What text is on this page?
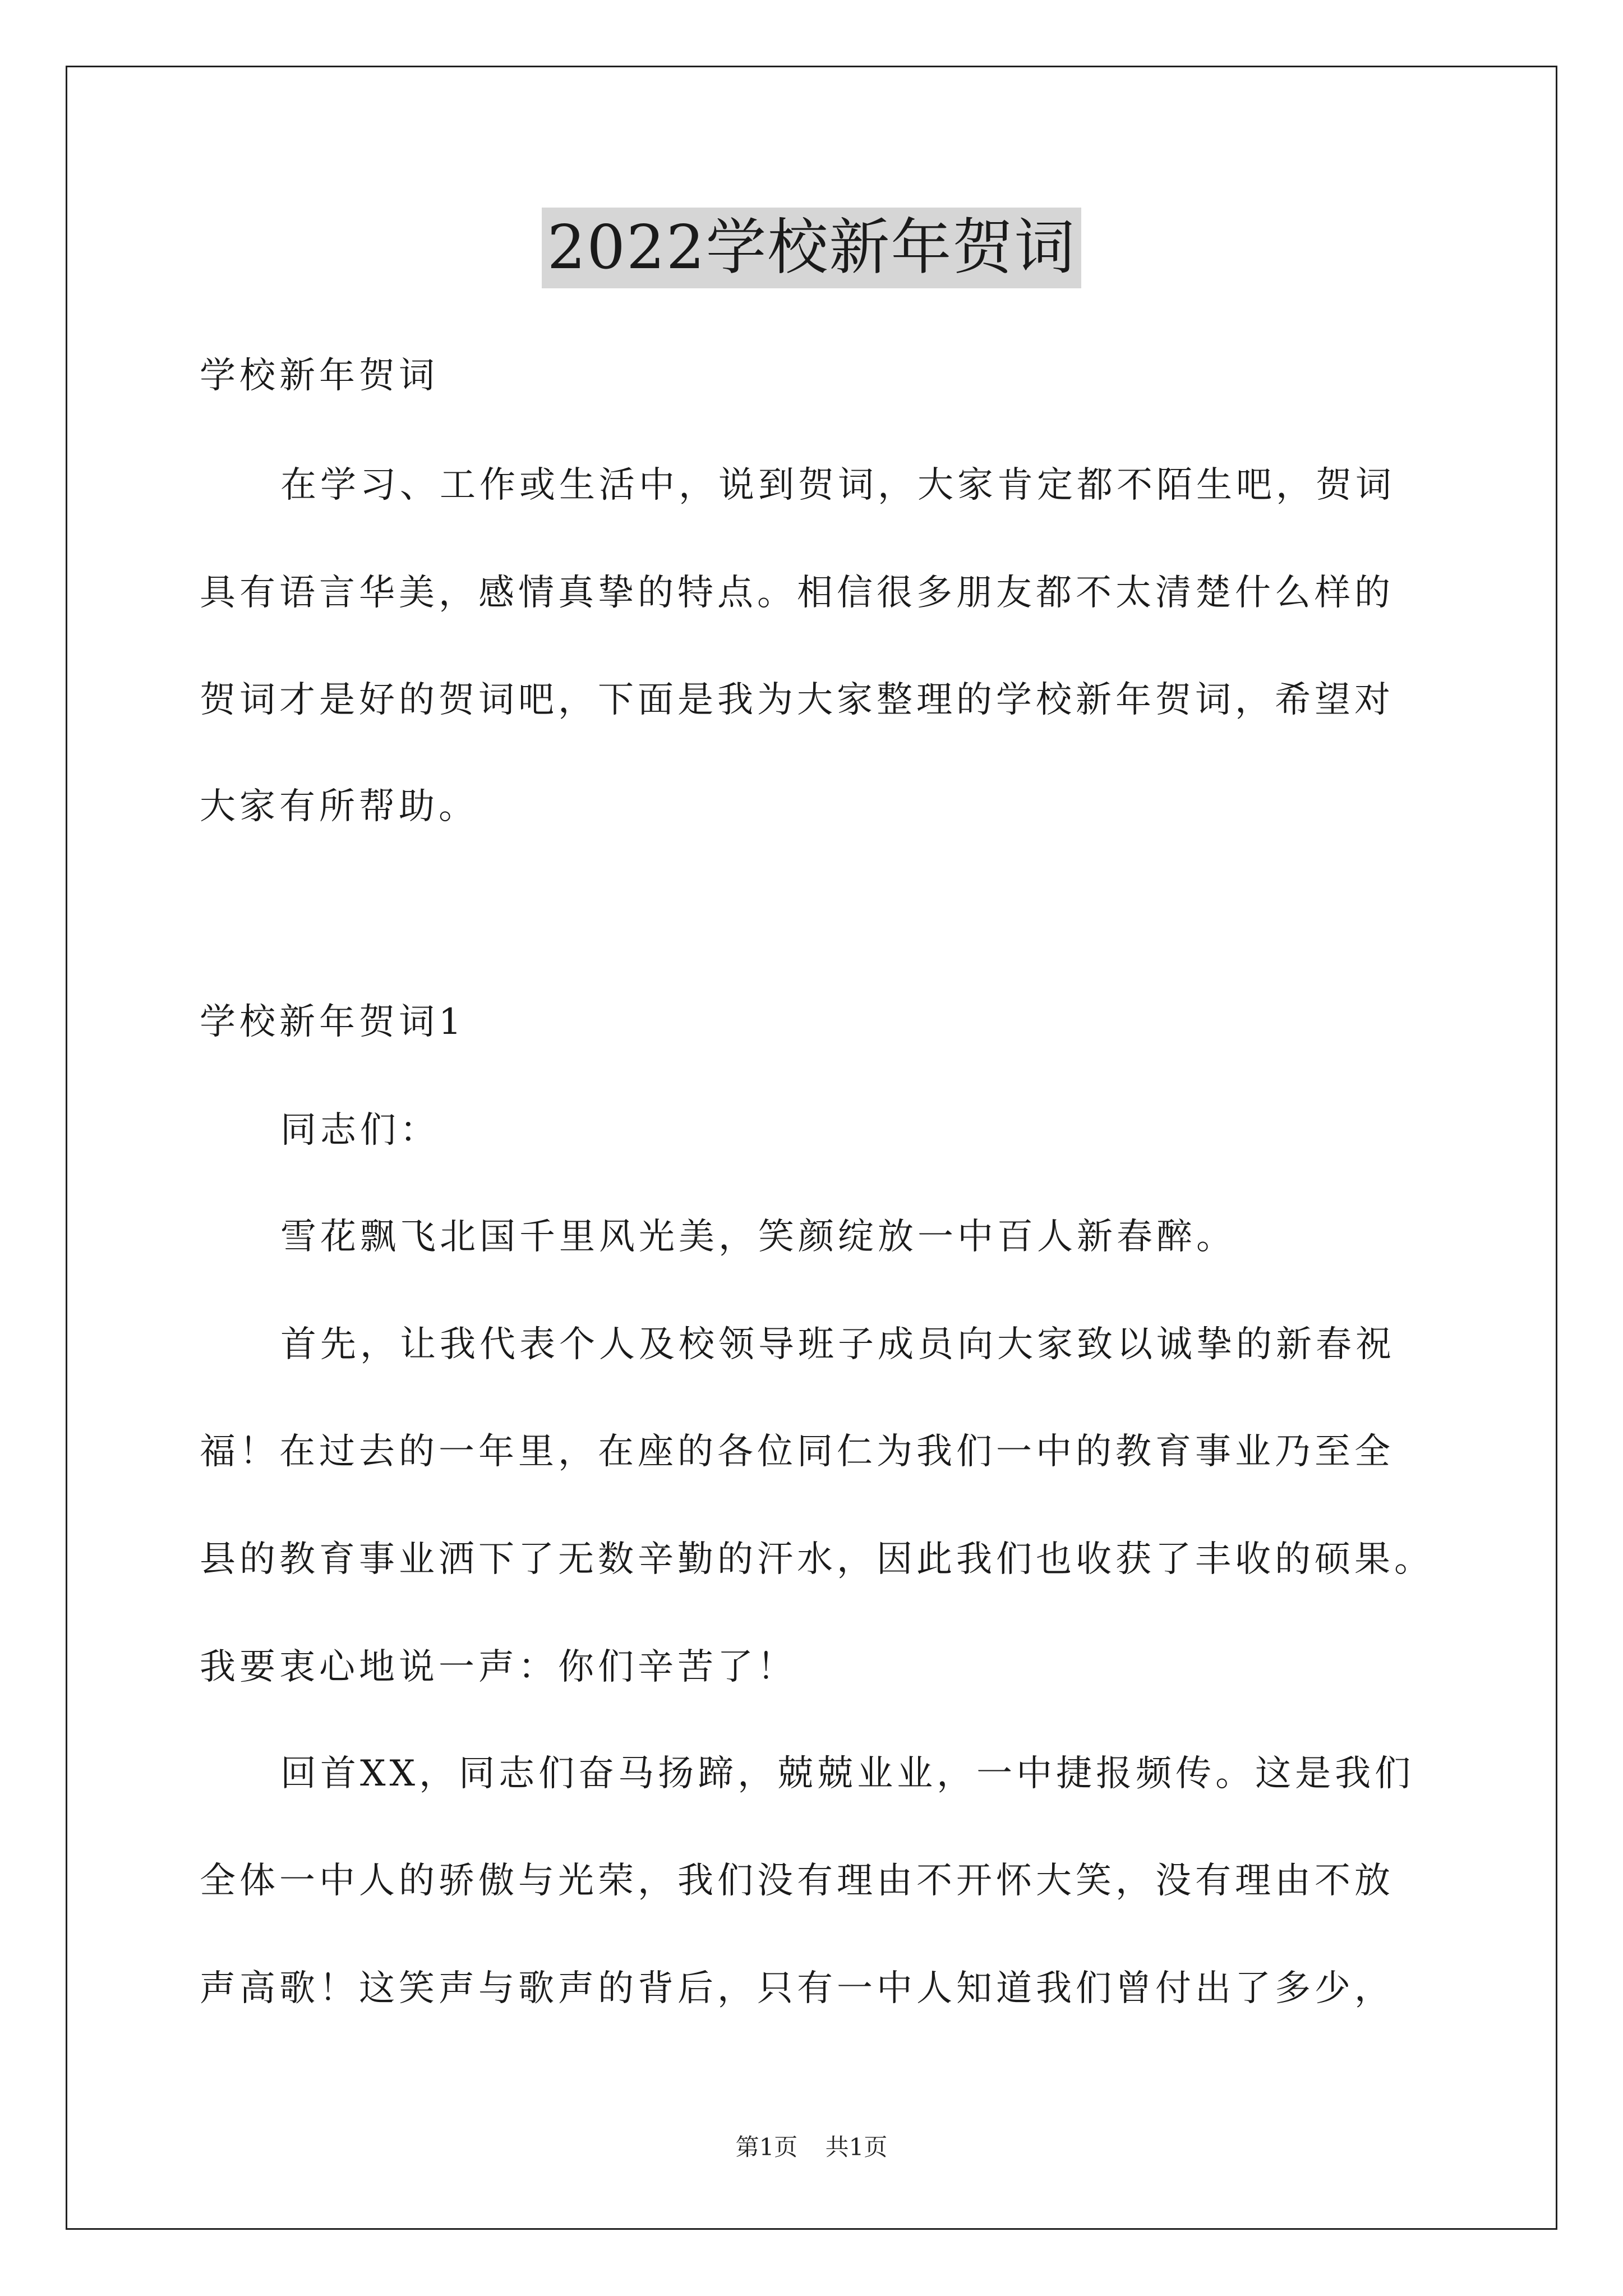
2022学校新年贺词
学校新年贺词
在学习、工作或生活中，说到贺词，大家肯定都不陌生吧，贺词
具有语言华美，感情真挚的特点。相信很多朋友都不太清楚什么样的
贺词才是好的贺词吧，下面是我为大家整理的学校新年贺词，希望对
大家有所帮助。
学校新年贺词1
同志们：
雪花飘飞北国千里风光美，笑颜绽放一中百人新春醉。
首先，让我代表个人及校领导班子成员向大家致以诚挚的新春祝
福！在过去的一年里，在座的各位同仁为我们一中的教育事业乃至全
县的教育事业洒下了无数辛勤的汗水，因此我们也收获了丰收的硕果。
我要衷心地说一声：你们辛苦了！
回首XX，同志们奋马扬蹄，兢兢业业，一中捷报频传。这是我们
全体一中人的骄傲与光荣，我们没有理由不开怀大笑，没有理由不放
声高歌！这笑声与歌声的背后，只有一中人知道我们曾付出了多少，
第1页 共1页
